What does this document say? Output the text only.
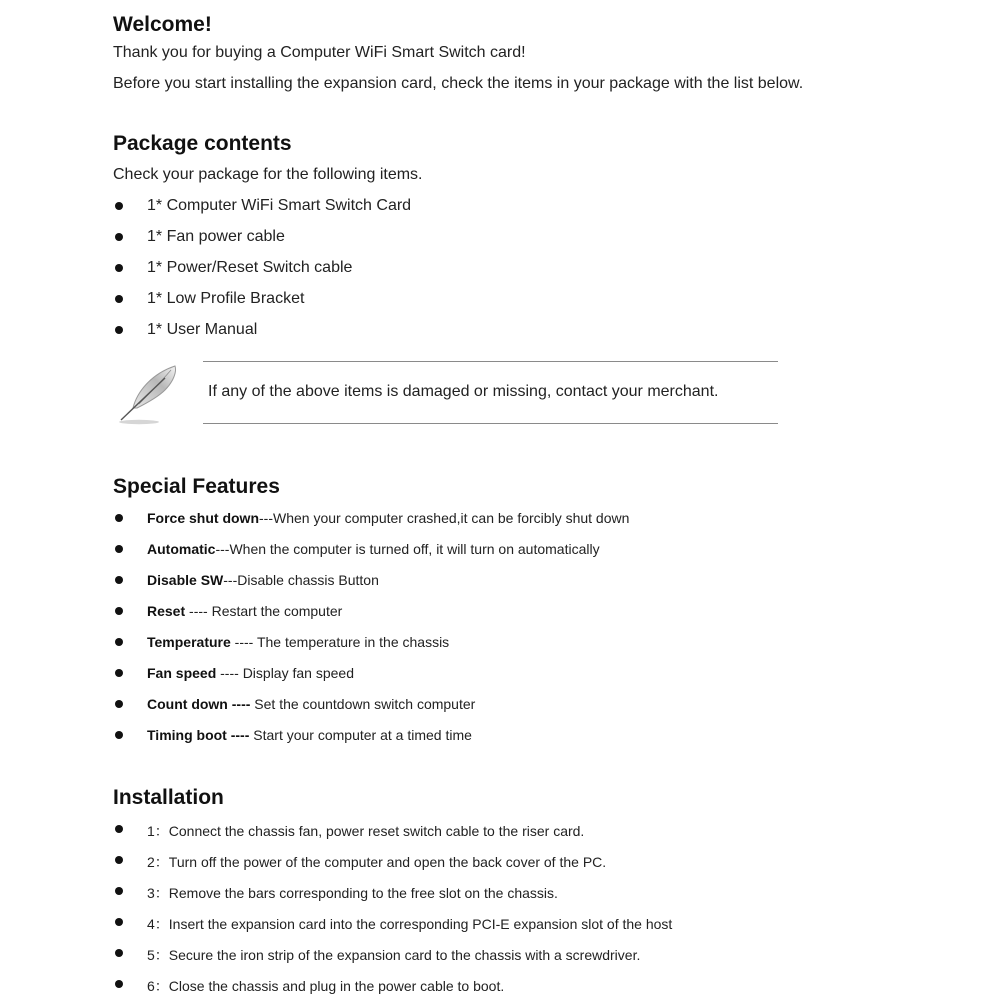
Welcome!
Thank you for buying a Computer WiFi Smart Switch card!
Before you start installing the expansion card, check the items in your package with the list below.
Package contents
Check your package for the following items.
1* Computer WiFi Smart Switch Card
1* Fan power cable
1* Power/Reset Switch cable
1* Low Profile Bracket
1* User Manual
If any of the above items is damaged or missing, contact your merchant.
Special Features
Force shut down---When your computer crashed,it can be forcibly shut down
Automatic---When the computer is turned off, it will turn on automatically
Disable SW---Disable chassis Button
Reset ---- Restart the computer
Temperature ---- The temperature in the chassis
Fan speed ---- Display fan speed
Count down ---- Set the countdown switch computer
Timing boot ---- Start your computer at a timed time
Installation
1：Connect the chassis fan, power reset switch cable to the riser card.
2：Turn off the power of the computer and open the back cover of the PC.
3：Remove the bars corresponding to the free slot on the chassis.
4：Insert the expansion card into the corresponding PCI-E expansion slot of the host
5：Secure the iron strip of the expansion card to the chassis with a screwdriver.
6：Close the chassis and plug in the power cable to boot.
